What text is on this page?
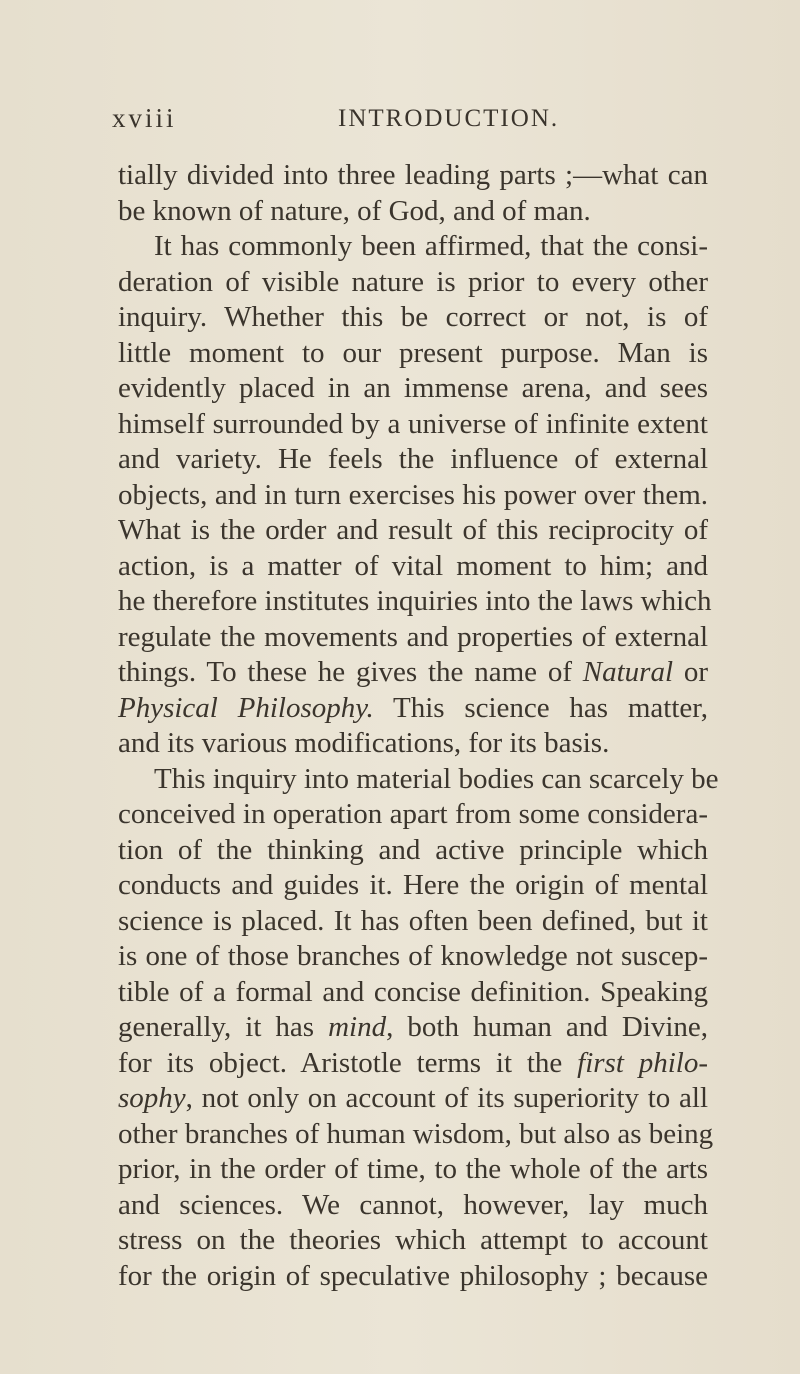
xviii	INTRODUCTION.
tially divided into three leading parts ;—what can
be known of nature, of God, and of man.
It has commonly been affirmed, that the consi-
deration of visible nature is prior to every other
inquiry. Whether this be correct or not, is of
little moment to our present purpose. Man is
evidently placed in an immense arena, and sees
himself surrounded by a universe of infinite extent
and variety. He feels the influence of external
objects, and in turn exercises his power over them.
What is the order and result of this reciprocity of
action, is a matter of vital moment to him; and
he therefore institutes inquiries into the laws which
regulate the movements and properties of external
things. To these he gives the name of Natural or
Physical Philosophy. This science has matter,
and its various modifications, for its basis.
This inquiry into material bodies can scarcely be
conceived in operation apart from some considera-
tion of the thinking and active principle which
conducts and guides it. Here the origin of mental
science is placed. It has often been defined, but it
is one of those branches of knowledge not suscep-
tible of a formal and concise definition. Speaking
generally, it has mind, both human and Divine,
for its object. Aristotle terms it the first philo-
sophy, not only on account of its superiority to all
other branches of human wisdom, but also as being
prior, in the order of time, to the whole of the arts
and sciences. We cannot, however, lay much
stress on the theories which attempt to account
for the origin of speculative philosophy ; because
